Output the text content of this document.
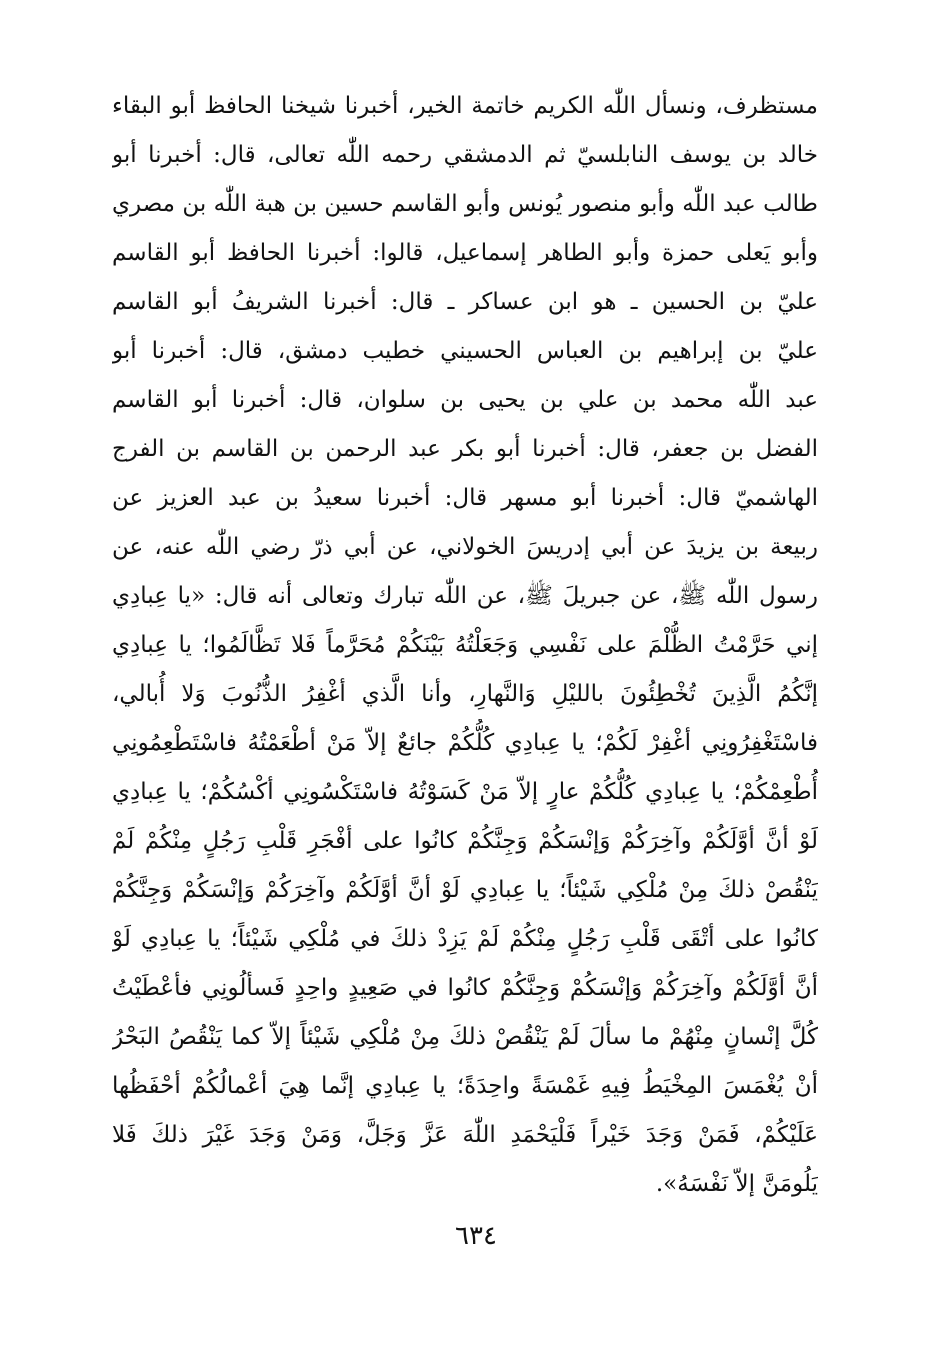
مستظرف، ونسأل اللّٰه الكريم خاتمة الخير، أخبرنا شيخنا الحافظ أبو البقاء
خالد بن يوسف النابلسيّ ثم الدمشقي رحمه اللّٰه تعالى، قال: أخبرنا أبو
طالب عبد اللّٰه وأبو منصور يُونس وأبو القاسم حسين بن هبة اللّٰه بن مصري
وأبو يَعلى حمزة وأبو الطاهر إسماعيل، قالوا: أخبرنا الحافظ أبو القاسم
عليّ بن الحسين ـ هو ابن عساكر ـ قال: أخبرنا الشريفُ أبو القاسم
عليّ بن إبراهيم بن العباس الحسيني خطيب دمشق، قال: أخبرنا أبو
عبد اللّٰه محمد بن علي بن يحيى بن سلوان، قال: أخبرنا أبو القاسم
الفضل بن جعفر، قال: أخبرنا أبو بكر عبد الرحمن بن القاسم بن الفرج
الهاشميّ قال: أخبرنا أبو مسهر قال: أخبرنا سعيدُ بن عبد العزيز عن
ربيعة بن يزيدَ عن أبي إدريسَ الخولاني، عن أبي ذرّ رضي اللّٰه عنه، عن
رسول اللّٰه ﷺ، عن جبريلَ ﷺ، عن اللّٰه تبارك وتعالى أنه قال: «يا عِبادِي
إني حَرَّمْتُ الظُّلْمَ على نَفْسِي وَجَعَلْتُهُ بَيْنَكُمْ مُحَرَّماً فَلا تَظَّالَمُوا؛ يا عِبادِي
إنَّكُمُ الَّذِينَ تُخْطِئُونَ بالليْلِ وَالنَّهارِ، وأنا الَّذي أغْفِرُ الذُّنُوبَ وَلا أُبالي،
فاسْتَغْفِرُونِي أغْفِرْ لَكُمْ؛ يا عِبادِي كُلُّكُمْ جائعٌ إلاّ مَنْ أطْعَمْتُهُ فاسْتَطْعِمُونِي
أُطْعِمْكُمْ؛ يا عِبادِي كُلُّكُمْ عارٍ إلاّ مَنْ كَسَوْتُهُ فاسْتَكْسُونِي أكْسُكُمْ؛ يا عِبادِي
لَوْ أنَّ أوَّلَكُمْ وآخِرَكُمْ وَإنْسَكُمْ وَجِنَّكُمْ كانُوا على أفْجَرِ قَلْبِ رَجُلٍ مِنْكُمْ لَمْ
يَنْقُصْ ذلكَ مِنْ مُلْكِي شَيْئاً؛ يا عِبادِي لَوْ أنَّ أوَّلَكُمْ وآخِرَكُمْ وَإنْسَكُمْ وَجِنَّكُمْ
كانُوا على أتْقَى قَلْبِ رَجُلٍ مِنْكُمْ لَمْ يَزِدْ ذلكَ في مُلْكِي شَيْئاً؛ يا عِبادِي لَوْ
أنَّ أوَّلَكُمْ وآخِرَكُمْ وَإنْسَكُمْ وَجِنَّكُمْ كانُوا في صَعِيدٍ واحِدٍ فَسألُونِي فأعْطَيْتُ
كُلَّ إنْسانٍ مِنْهُمْ ما سألَ لَمْ يَنْقُصْ ذلكَ مِنْ مُلْكِي شَيْئاً إلاّ كما يَنْقُصُ البَحْرُ
أنْ يُغْمَسَ المِخْيَطُ فِيهِ غَمْسَةً واحِدَةً؛ يا عِبادِي إنَّما هِيَ أعْمالُكُمْ أحْفَظُها
عَلَيْكُمْ، فَمَنْ وَجَدَ خَيْراً فَلْيَحْمَدِ اللّٰهَ عَزَّ وَجَلَّ، وَمَنْ وَجَدَ غَيْرَ ذلكَ فَلا
يَلُومَنَّ إلاّ نَفْسَهُ».
٦٣٤
